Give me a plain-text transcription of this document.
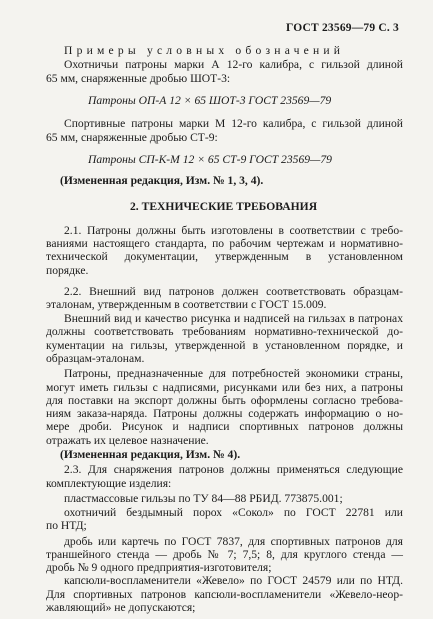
ГОСТ 23569—79 С. 3
Примеры условных обозначений
Охотничьи патроны марки А 12-го калибра, с гильзой длиной
65 мм, снаряженные дробью ШОТ-3:
Патроны ОП-А 12 × 65 ШОТ-3 ГОСТ 23569—79
Спортивные патроны марки М 12-го калибра, с гильзой длиной
65 мм, снаряженные дробью СТ-9:
Патроны СП-К-М 12 × 65 СТ-9 ГОСТ 23569—79
(Измененная редакция, Изм. № 1, 3, 4).
2. ТЕХНИЧЕСКИЕ ТРЕБОВАНИЯ
2.1. Патроны должны быть изготовлены в соответствии с требо-
ваниями настоящего стандарта, по рабочим чертежам и нормативно-
технической документации, утвержденным в установленном
порядке.
2.2. Внешний вид патронов должен соответствовать образцам-
эталонам, утвержденным в соответствии с ГОСТ 15.009.
Внешний вид и качество рисунка и надписей на гильзах в патронах
должны соответствовать требованиям нормативно-технической до-
кументации на гильзы, утвержденной в установленном порядке, и
образцам-эталонам.
Патроны, предназначенные для потребностей экономики страны,
могут иметь гильзы с надписями, рисунками или без них, а патроны
для поставки на экспорт должны быть оформлены согласно требова-
ниям заказа-наряда. Патроны должны содержать информацию о но-
мере дроби. Рисунок и надписи спортивных патронов должны
отражать их целевое назначение.
(Измененная редакция, Изм. № 4).
2.3. Для снаряжения патронов должны применяться следующие
комплектующие изделия:
пластмассовые гильзы по ТУ 84—88 РБИД. 773875.001;
охотничий бездымный порох «Сокол» по ГОСТ 22781 или
по НТД;
дробь или картечь по ГОСТ 7837, для спортивных патронов для
траншейного стенда — дробь № 7; 7,5; 8, для круглого стенда —
дробь № 9 одного предприятия-изготовителя;
капсюли-воспламенители «Жевело» по ГОСТ 24579 или по НТД.
Для спортивных патронов капсюли-воспламенители «Жевело-неор-
жавляющий» не допускаются;
